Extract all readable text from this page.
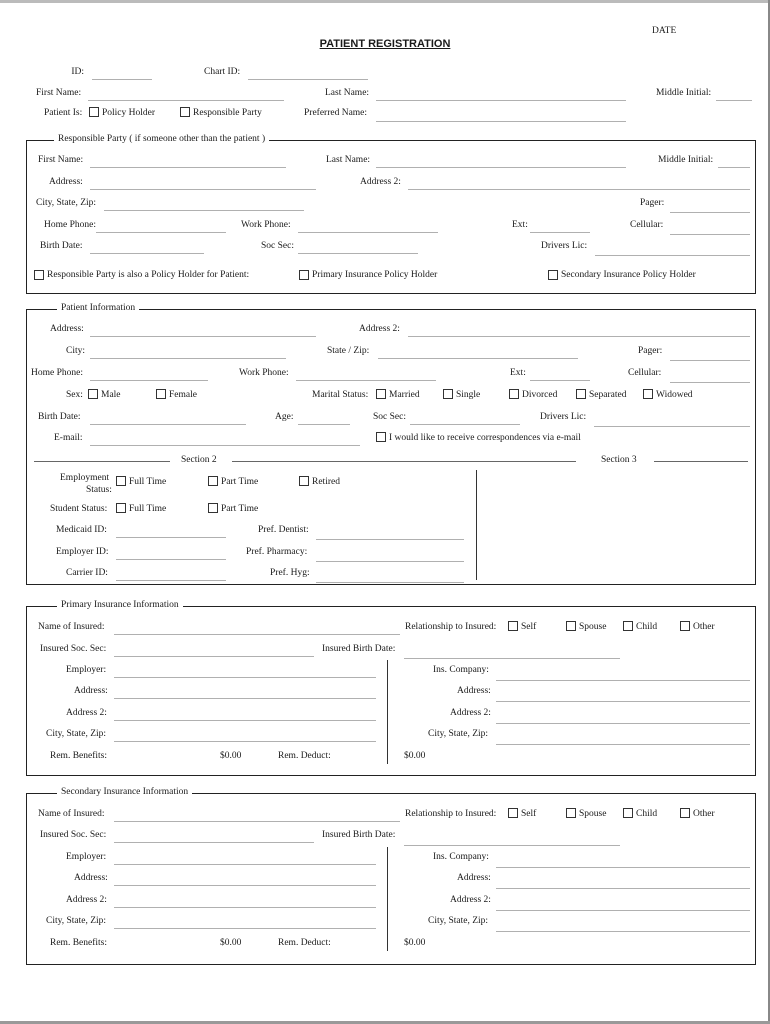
DATE
PATIENT REGISTRATION
ID:	Chart ID:
First Name:	Last Name:	Middle Initial:
Patient Is: Policy Holder	Responsible Party	Preferred Name:
Responsible Party ( if someone other than the patient )
First Name:	Last Name:	Middle Initial:
Address:	Address 2:
City, State, Zip:	Pager:
Home Phone:	Work Phone:	Ext:	Cellular:
Birth Date:	Soc Sec:	Drivers Lic:
Responsible Party is also a Policy Holder for Patient:	Primary Insurance Policy Holder	Secondary Insurance Policy Holder
Patient Information
Address:	Address 2:
City:	State / Zip:	Pager:
Home Phone:	Work Phone:	Ext:	Cellular:
Sex: Male	Female	Marital Status: Married	Single	Divorced	Separated	Widowed
Birth Date:	Age:	Soc Sec:	Drivers Lic:
E-mail:	I would like to receive correspondences via e-mail
Section 2	Section 3
Employment
Status:
Full Time	Part Time	Retired
Student Status: Full Time	Part Time
Medicaid ID:	Pref. Dentist:
Employer ID:	Pref. Pharmacy:
Carrier ID:	Pref. Hyg:
Primary Insurance Information
Name of Insured:	Relationship to Insured:	Self	Spouse	Child	Other
Insured Soc. Sec:	Insured Birth Date:
Employer:	Ins. Company:
Address:	Address:
Address 2:	Address 2:
City, State, Zip:	City, State, Zip:
Rem. Benefits:	$0.00	Rem. Deduct:	$0.00
Secondary Insurance Information
Name of Insured:	Relationship to Insured:	Self	Spouse	Child	Other
Insured Soc. Sec:	Insured Birth Date:
Employer:	Ins. Company:
Address:	Address:
Address 2:	Address 2:
City, State, Zip:	City, State, Zip:
Rem. Benefits:	$0.00	Rem. Deduct:	$0.00
